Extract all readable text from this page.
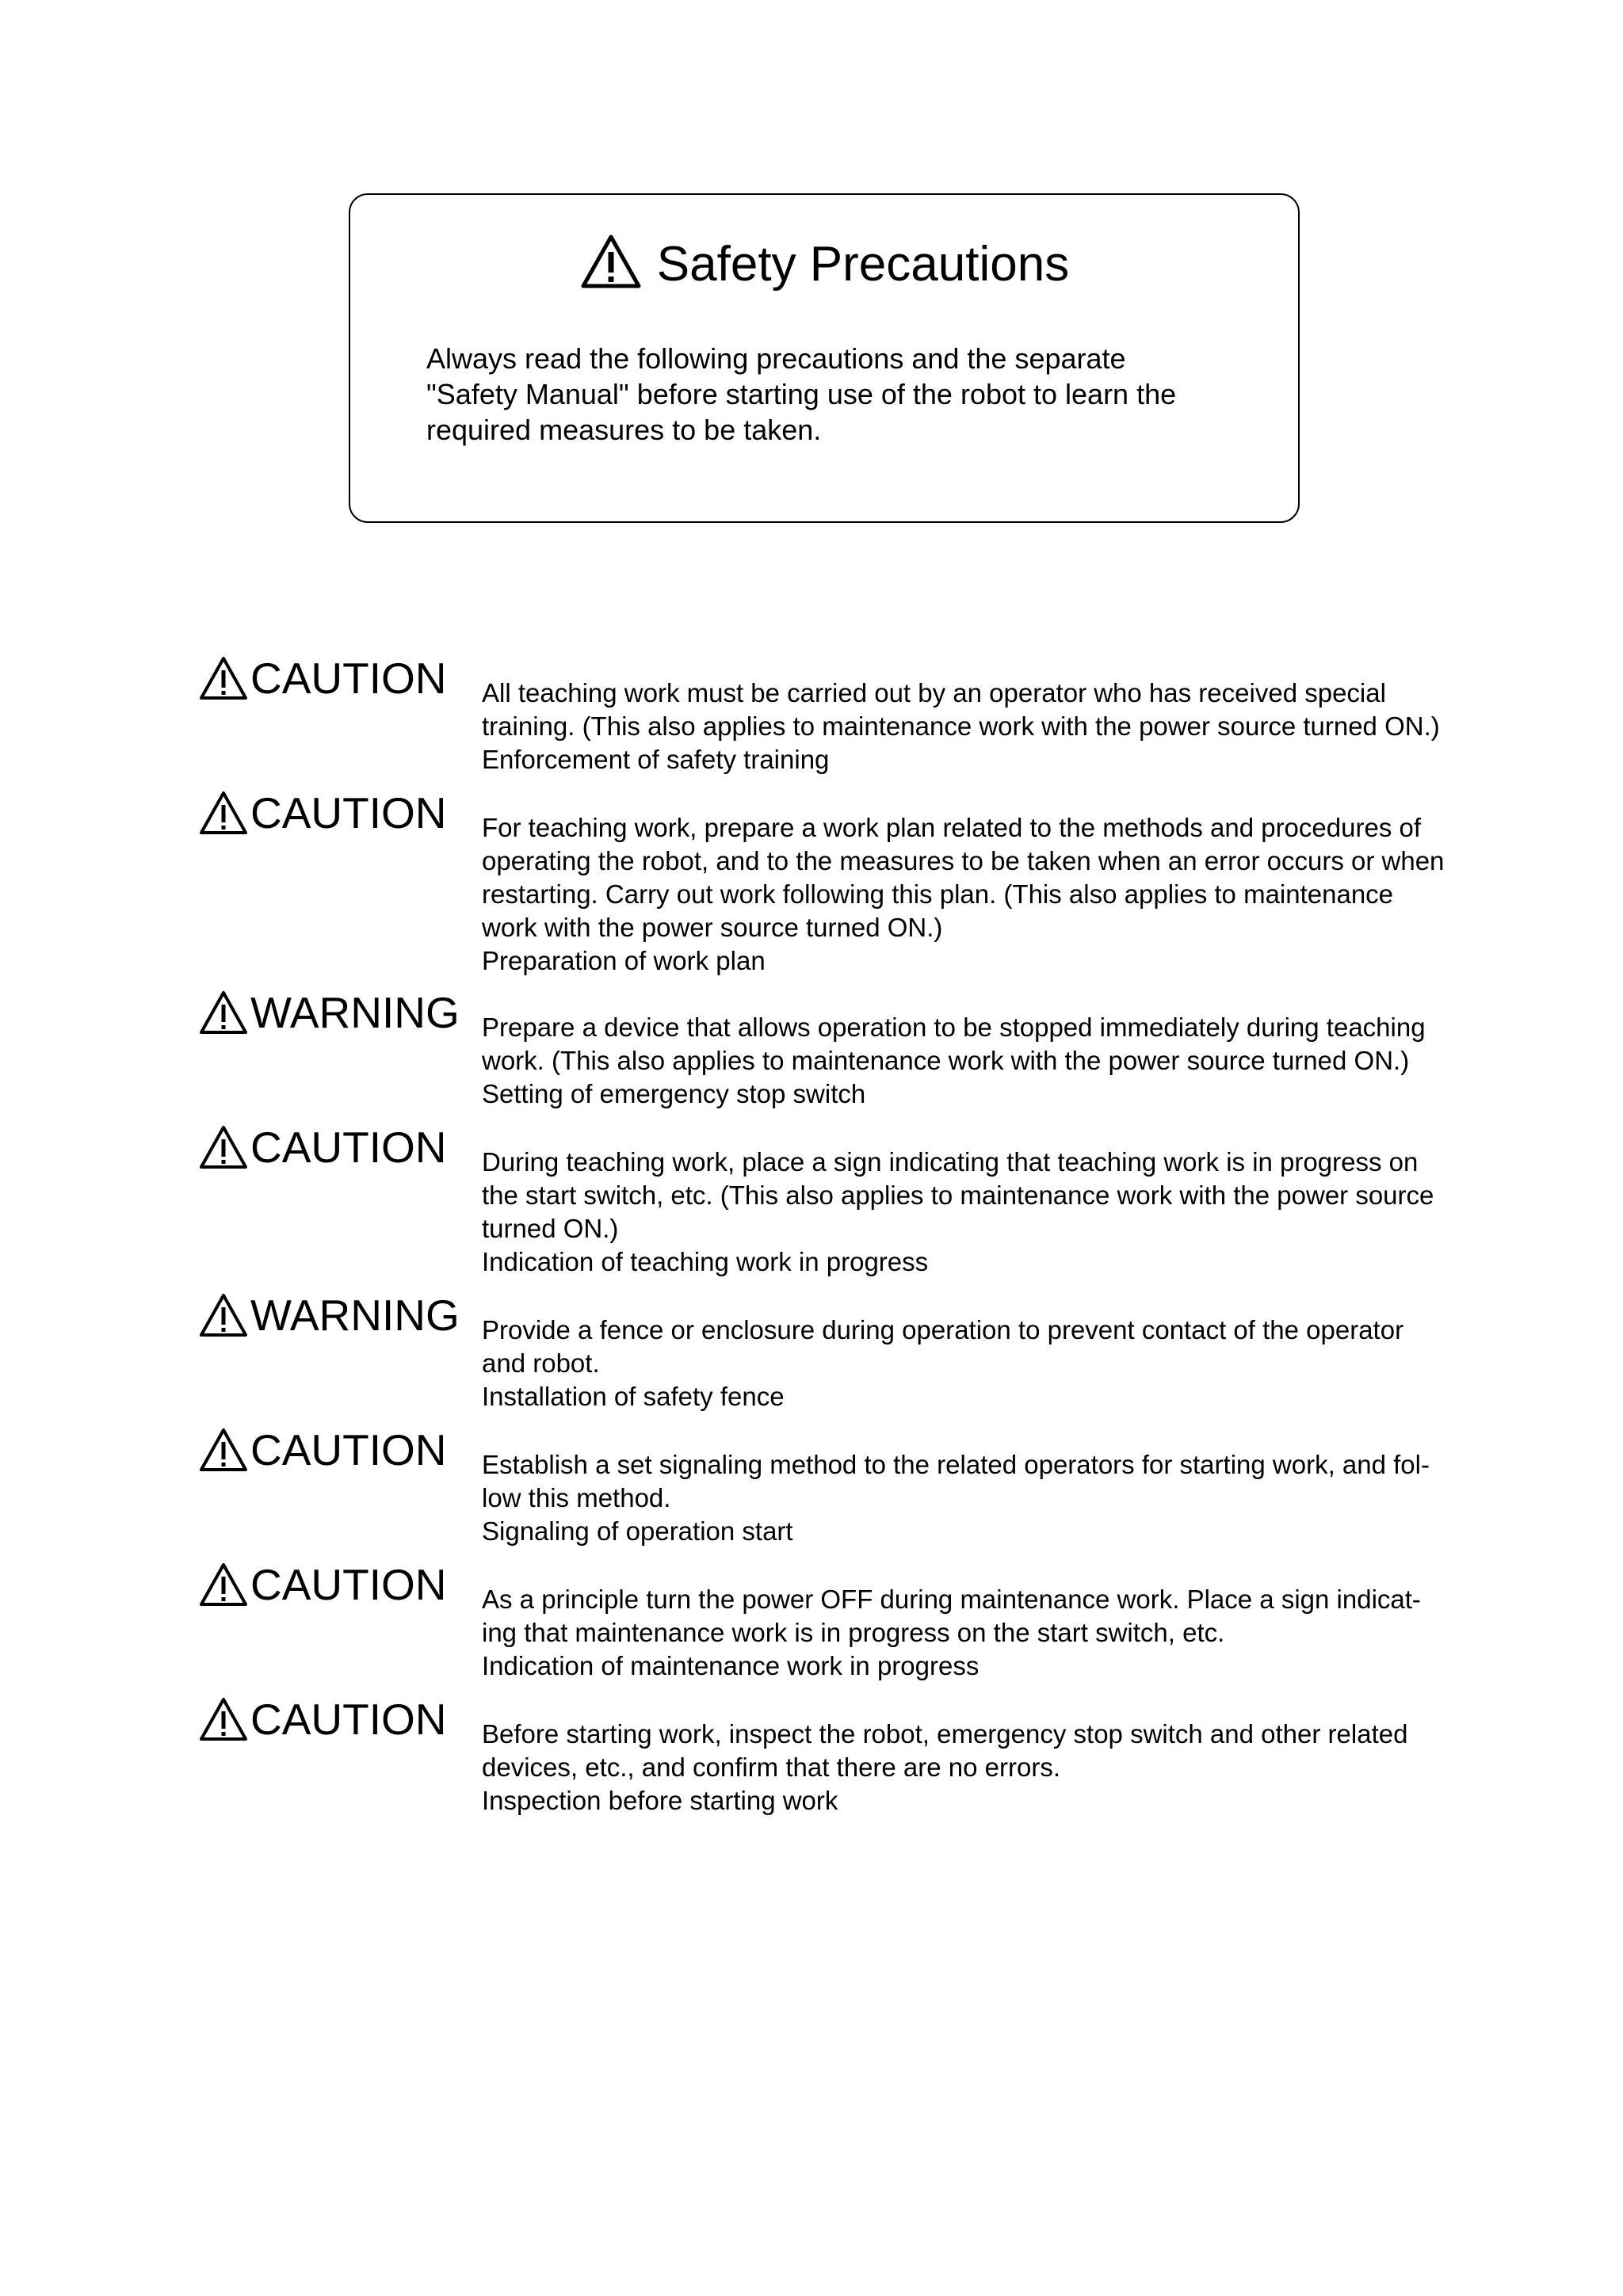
Safety Precautions
Always read the following precautions and the separate
"Safety Manual" before starting use of the robot to learn the
required measures to be taken.
CAUTION All teaching work must be carried out by an operator who has received special
training. (This also applies to maintenance work with the power source turned ON.)
Enforcement of safety training
CAUTION For teaching work, prepare a work plan related to the methods and procedures of
operating the robot, and to the measures to be taken when an error occurs or when
restarting. Carry out work following this plan. (This also applies to maintenance
work with the power source turned ON.)
Preparation of work plan
WARNING Prepare a device that allows operation to be stopped immediately during teaching
work. (This also applies to maintenance work with the power source turned ON.)
Setting of emergency stop switch
CAUTION During teaching work, place a sign indicating that teaching work is in progress on
the start switch, etc. (This also applies to maintenance work with the power source
turned ON.)
Indication of teaching work in progress
WARNING Provide a fence or enclosure during operation to prevent contact of the operator
and robot.
Installation of safety fence
CAUTION Establish a set signaling method to the related operators for starting work, and fol-
low this method.
Signaling of operation start
CAUTION As a principle turn the power OFF during maintenance work. Place a sign indicat-
ing that maintenance work is in progress on the start switch, etc.
Indication of maintenance work in progress
CAUTION Before starting work, inspect the robot, emergency stop switch and other related
devices, etc., and confirm that there are no errors.
Inspection before starting work
